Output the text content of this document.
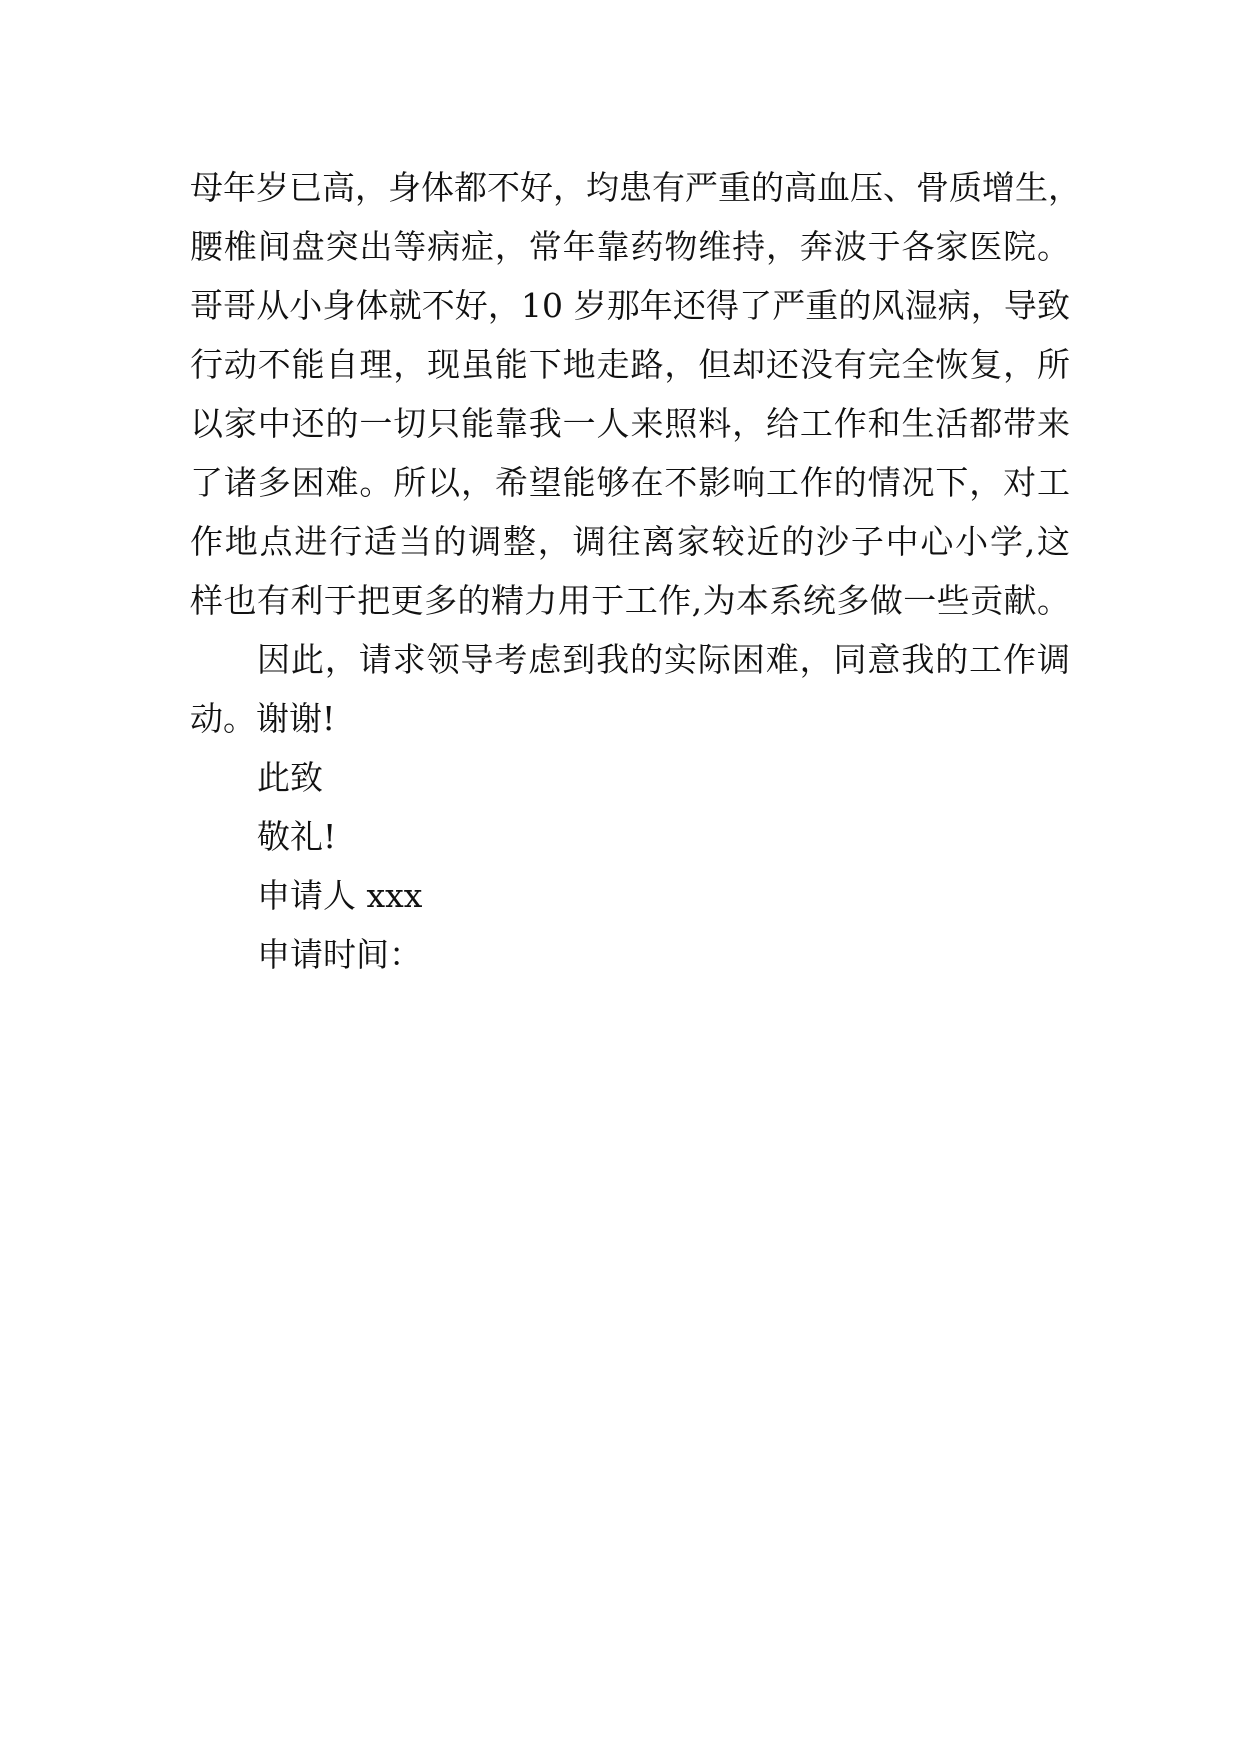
母年岁已高，身体都不好，均患有严重的高血压、骨质增生，
腰椎间盘突出等病症，常年靠药物维持，奔波于各家医院。
哥哥从小身体就不好，10 岁那年还得了严重的风湿病，导致
行动不能自理，现虽能下地走路，但却还没有完全恢复，所
以家中还的一切只能靠我一人来照料，给工作和生活都带来
了诸多困难。所以，希望能够在不影响工作的情况下，对工
作地点进行适当的调整，调往离家较近的沙子中心小学,这
样也有利于把更多的精力用于工作,为本系统多做一些贡献。
因此，请求领导考虑到我的实际困难，同意我的工作调
动。谢谢!
此致
敬礼!
申请人 xxx
申请时间：
